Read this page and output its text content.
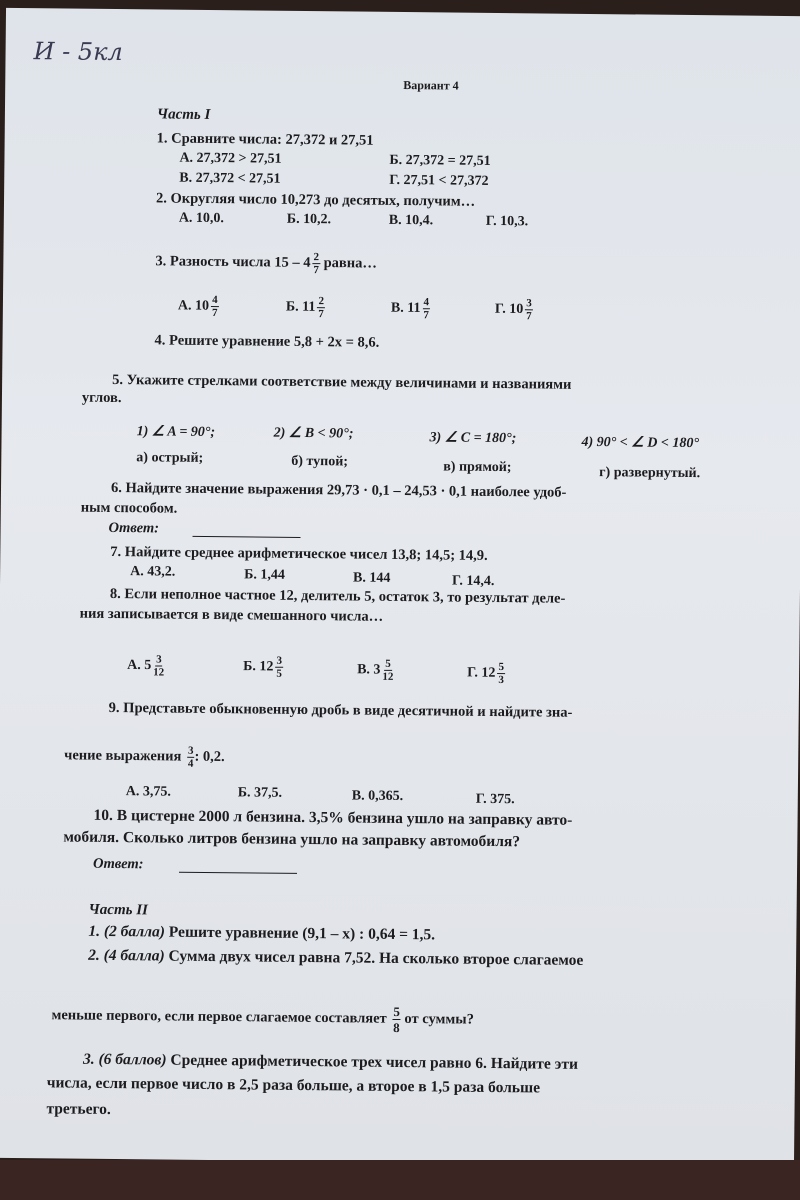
И - 5кл
Вариант 4
Часть I
1. Сравните числа: 27,372 и 27,51
А. 27,372 > 27,51	Б. 27,372 = 27,51
В. 27,372 < 27,51	Г. 27,51 < 27,372
2. Округляя число 10,273 до десятых, получим…
А. 10,0.	Б. 10,2.	В. 10,4.	Г. 10,3.
3. Разность числа $15 - 4 \frac{2}{7}$ равна…
А. $10 \frac{4}{7}$	Б. $11 \frac{2}{7}$	В. $11 \frac{4}{7}$	Г. $10 \frac{3}{7}$
4. Решите уравнение 5,8 + 2x = 8,6.
5. Укажите стрелками соответствие между величинами и названиями
углов.
1) ∠ A = 90°;	2) ∠ B < 90°;	3) ∠ C = 180°;	4) 90° < ∠ D < 180°
а) острый;	б) тупой;	в) прямой;	г) развернутый.
6. Найдите значение выражения 29,73 · 0,1 – 24,53 · 0,1 наиболее удоб-
ным способом.
Ответ:
7. Найдите среднее арифметическое чисел 13,8; 14,5; 14,9.
А. 43,2.	Б. 1,44	В. 144	Г. 14,4.
8. Если неполное частное 12, делитель 5, остаток 3, то результат деле-
ния записывается в виде смешанного числа…
А. $5 \frac{3}{12}$	Б. $12 \frac{3}{5}$	В. $3 \frac{5}{12}$	Г. $12 \frac{5}{3}$
9. Представьте обыкновенную дробь в виде десятичной и найдите зна-
чение выражения $\frac{3}{4}$ : 0,2.
А. 3,75.	Б. 37,5.	В. 0,365.	Г. 375.
10. В цистерне 2000 л бензина. 3,5% бензина ушло на заправку авто-
мобиля. Сколько литров бензина ушло на заправку автомобиля?
Ответ:
Часть II
1. (2 балла) Решите уравнение (9,1 – x) : 0,64 = 1,5.
2. (4 балла) Сумма двух чисел равна 7,52. На сколько второе слагаемое
меньше первого, если первое слагаемое составляет $\frac{5}{8}$ от суммы?
3. (6 баллов) Среднее арифметическое трех чисел равно 6. Найдите эти
числа, если первое число в 2,5 раза больше, а второе в 1,5 раза больше
третьего.
